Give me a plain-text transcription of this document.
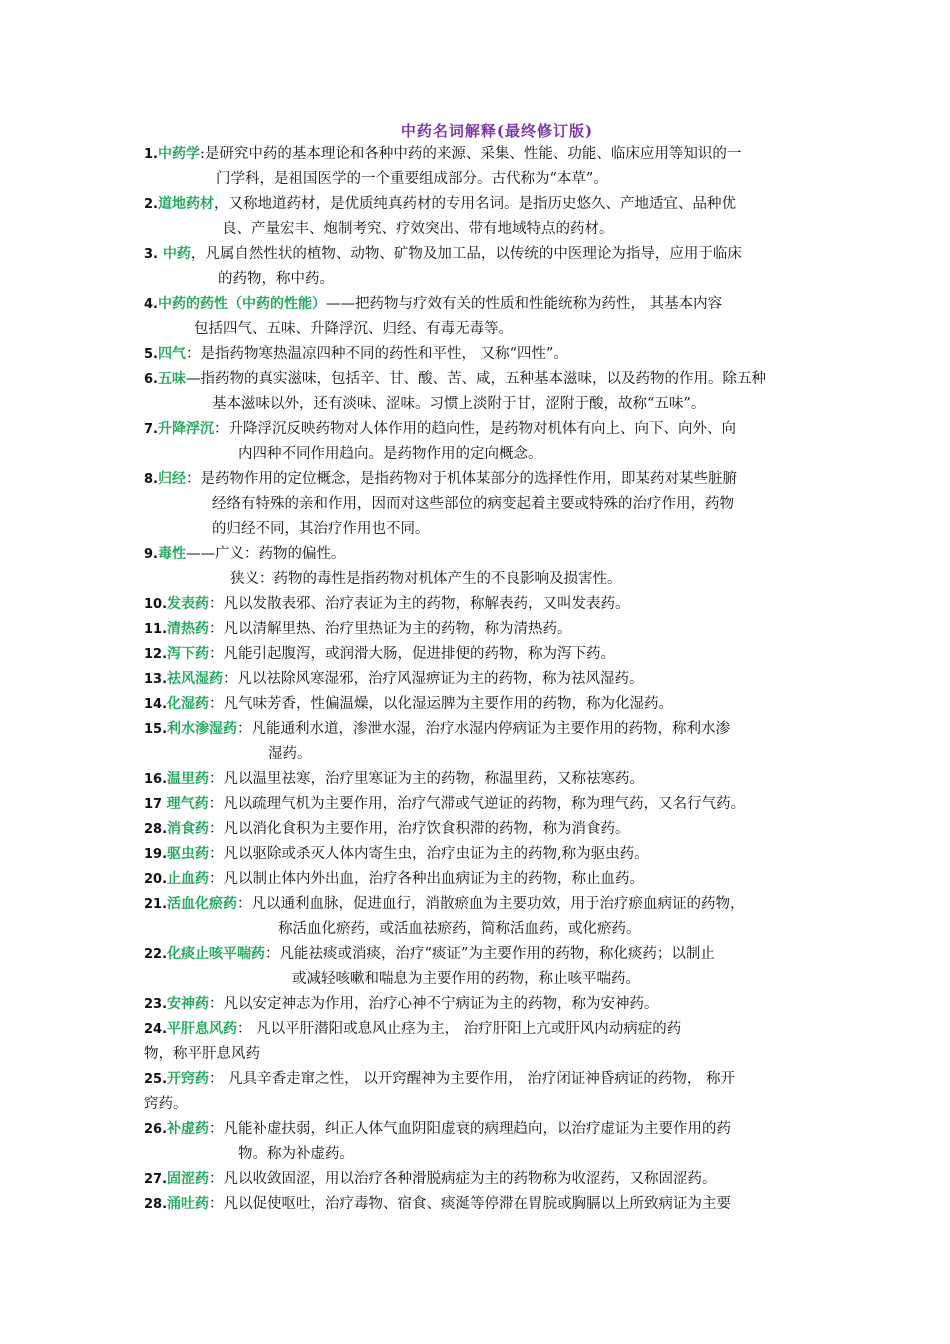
中药名词解释(最终修订版)
1.中药学:是研究中药的基本理论和各种中药的来源、采集、性能、功能、临床应用等知识的一
门学科，是祖国医学的一个重要组成部分。古代称为“本草”。
2.道地药材，又称地道药材，是优质纯真药材的专用名词。是指历史悠久、产地适宜、品种优
良、产量宏丰、炮制考究、疗效突出、带有地域特点的药材。
3. 中药，凡属自然性状的植物、动物、矿物及加工品，以传统的中医理论为指导，应用于临床
的药物，称中药。
4.中药的药性（中药的性能）——把药物与疗效有关的性质和性能统称为药性， 其基本内容
包括四气、五味、升降浮沉、归经、有毒无毒等。
5.四气：是指药物寒热温凉四种不同的药性和平性， 又称“四性”。
6.五味—指药物的真实滋味，包括辛、甘、酸、苦、咸，五种基本滋味，以及药物的作用。除五种
基本滋味以外，还有淡味、涩味。习惯上淡附于甘，涩附于酸，故称“五味”。
7.升降浮沉：升降浮沉反映药物对人体作用的趋向性，是药物对机体有向上、向下、向外、向
内四种不同作用趋向。是药物作用的定向概念。
8.归经：是药物作用的定位概念，是指药物对于机体某部分的选择性作用，即某药对某些脏腑
经络有特殊的亲和作用，因而对这些部位的病变起着主要或特殊的治疗作用，药物
的归经不同，其治疗作用也不同。
9.毒性——广义：药物的偏性。
狭义：药物的毒性是指药物对机体产生的不良影响及损害性。
10.发表药：凡以发散表邪、治疗表证为主的药物，称解表药，又叫发表药。
11.清热药：凡以清解里热、治疗里热证为主的药物，称为清热药。
12.泻下药：凡能引起腹泻，或润滑大肠，促进排便的药物，称为泻下药。
13.祛风湿药：凡以祛除风寒湿邪，治疗风湿痹证为主的药物，称为祛风湿药。
14.化湿药：凡气味芳香，性偏温燥，以化湿运脾为主要作用的药物，称为化湿药。
15.利水渗湿药：凡能通利水道，渗泄水湿，治疗水湿内停病证为主要作用的药物，称利水渗
湿药。
16.温里药：凡以温里祛寒，治疗里寒证为主的药物，称温里药，又称祛寒药。
17 理气药：凡以疏理气机为主要作用，治疗气滞或气逆证的药物，称为理气药，又名行气药。
28.消食药：凡以消化食积为主要作用，治疗饮食积滞的药物，称为消食药。
19.驱虫药：凡以驱除或杀灭人体内寄生虫，治疗虫证为主的药物,称为驱虫药。
20.止血药：凡以制止体内外出血，治疗各种出血病证为主的药物，称止血药。
21.活血化瘀药：凡以通利血脉，促进血行，消散瘀血为主要功效，用于治疗瘀血病证的药物，
称活血化瘀药，或活血祛瘀药，简称活血药，或化瘀药。
22.化痰止咳平喘药：凡能祛痰或消痰，治疗“痰证”为主要作用的药物，称化痰药；以制止
或减轻咳嗽和喘息为主要作用的药物，称止咳平喘药。
23.安神药：凡以安定神志为作用，治疗心神不宁病证为主的药物，称为安神药。
24.平肝息风药： 凡以平肝潜阳或息风止痉为主， 治疗肝阳上亢或肝风内动病症的药
物，称平肝息风药
25.开窍药： 凡具辛香走窜之性， 以开窍醒神为主要作用， 治疗闭证神昏病证的药物， 称开
窍药。
26.补虚药：凡能补虚扶弱，纠正人体气血阴阳虚衰的病理趋向，以治疗虚证为主要作用的药
物。称为补虚药。
27.固涩药：凡以收敛固涩，用以治疗各种滑脱病症为主的药物称为收涩药，又称固涩药。
28.涌吐药：凡以促使呕吐，治疗毒物、宿食、痰涎等停滞在胃脘或胸膈以上所致病证为主要
